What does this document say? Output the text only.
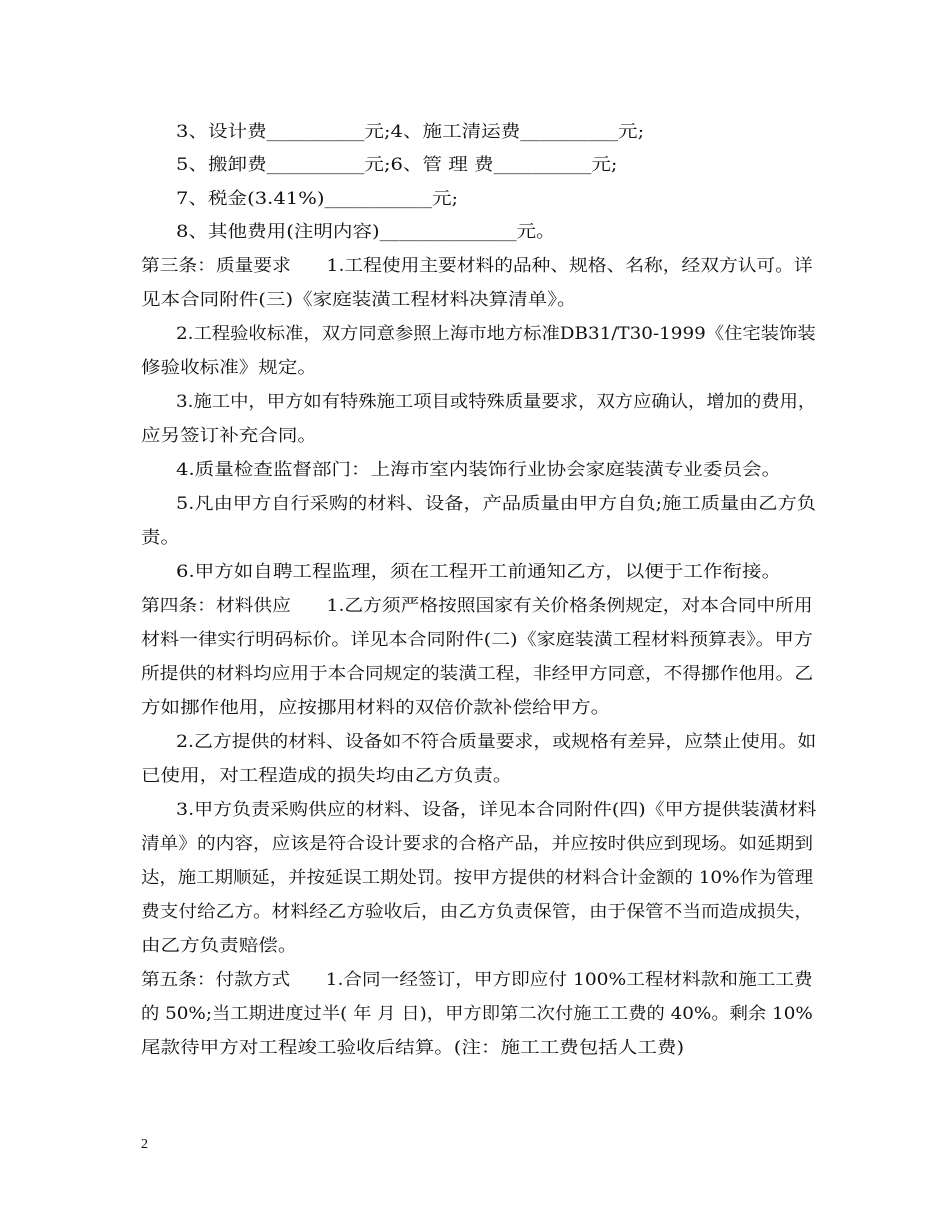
3、设计费__________元;4、施工清运费__________元;
5、搬卸费__________元;6、管 理 费__________元;
7、税金(3.41%)___________元;
8、其他费用(注明内容)______________元。
第三条：质量要求      1.工程使用主要材料的品种、规格、名称，经双方认可。详
见本合同附件(三)《家庭装潢工程材料决算清单》。
2.工程验收标准，双方同意参照上海市地方标准DB31/T30-1999《住宅装饰装
修验收标准》规定。
3.施工中，甲方如有特殊施工项目或特殊质量要求，双方应确认，增加的费用，
应另签订补充合同。
4.质量检查监督部门：上海市室内装饰行业协会家庭装潢专业委员会。
5.凡由甲方自行采购的材料、设备，产品质量由甲方自负;施工质量由乙方负
责。
6.甲方如自聘工程监理，须在工程开工前通知乙方，以便于工作衔接。
第四条：材料供应      1.乙方须严格按照国家有关价格条例规定，对本合同中所用
材料一律实行明码标价。详见本合同附件(二)《家庭装潢工程材料预算表》。甲方
所提供的材料均应用于本合同规定的装潢工程，非经甲方同意，不得挪作他用。乙
方如挪作他用，应按挪用材料的双倍价款补偿给甲方。
2.乙方提供的材料、设备如不符合质量要求，或规格有差异，应禁止使用。如
已使用，对工程造成的损失均由乙方负责。
3.甲方负责采购供应的材料、设备，详见本合同附件(四)《甲方提供装潢材料
清单》的内容，应该是符合设计要求的合格产品，并应按时供应到现场。如延期到
达，施工期顺延，并按延误工期处罚。按甲方提供的材料合计金额的 10%作为管理
费支付给乙方。材料经乙方验收后，由乙方负责保管，由于保管不当而造成损失，
由乙方负责赔偿。
第五条：付款方式      1.合同一经签订，甲方即应付 100%工程材料款和施工工费
的 50%;当工期进度过半( 年 月 日)，甲方即第二次付施工工费的 40%。剩余 10%
尾款待甲方对工程竣工验收后结算。(注：施工工费包括人工费)
2
